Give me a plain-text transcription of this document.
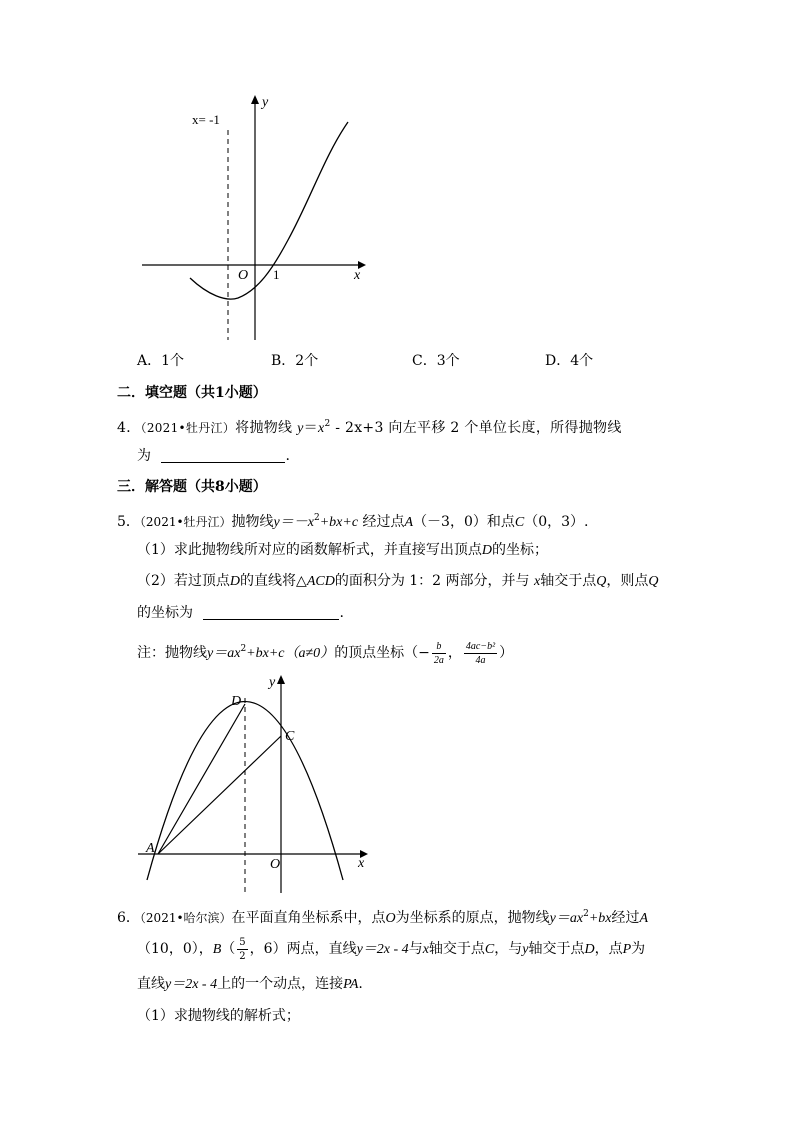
x= -1
y
x
O 1
A．1个	B．2个	C．3个	D．4个
二．填空题（共1小题）
4．（2021•牡丹江）将抛物线 $y=x^2 - 2x+3$ 向左平移 2 个单位长度，所得抛物线
为	.
三．解答题（共8小题）
5．（2021•牡丹江）抛物线$y=-x^2+bx+c$ 经过点A（－3，0）和点C（0，3）.
（1）求此抛物线所对应的函数解析式，并直接写出顶点D的坐标；
（2）若过顶点D的直线将△ACD的面积分为 1：2 两部分，并与 x轴交于点Q，则点Q
的坐标为	.
注：抛物线$y=ax^2+bx+c(a\ne 0)$的顶点坐标（− $\frac{b}{2a}$ ， $\frac{\text{4ac−b²}}{4a}$ ）
y
x
O
A
C
D
6．（2021•哈尔滨）在平面直角坐标系中，点O为坐标系的原点，抛物线$y=ax^2+bx$经过A
（10，0），$B( \frac{5}{2}$ ，6）两点，直线y＝2x - 4与x轴交于点C，与y轴交于点D，点P为
直线y＝2x - 4上的一个动点，连接PA.
（1）求抛物线的解析式；
